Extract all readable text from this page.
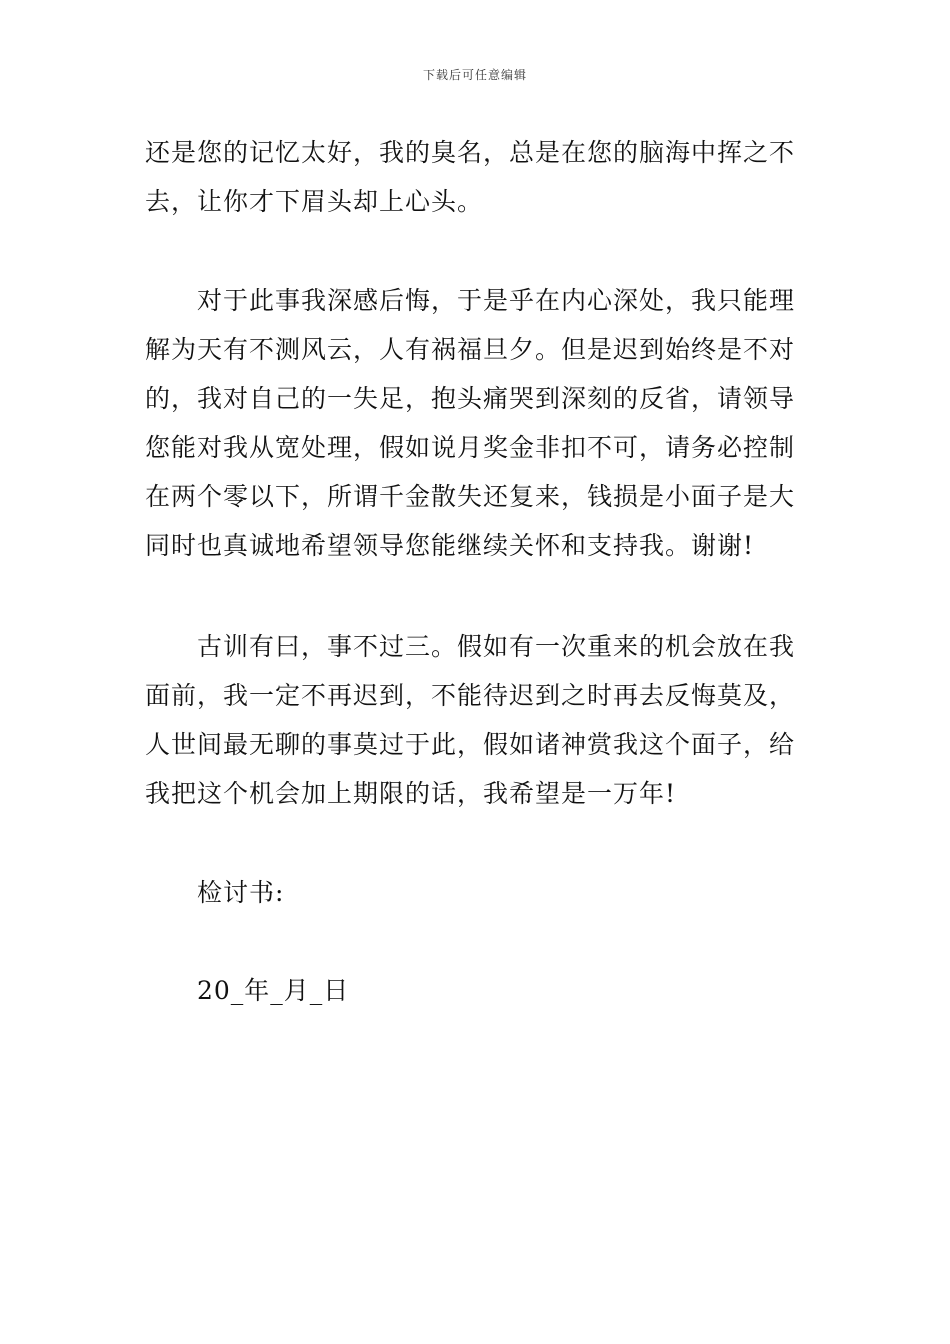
下载后可任意编辑

还是您的记忆太好，我的臭名，总是在您的脑海中挥之不
去，让你才下眉头却上心头。

对于此事我深感后悔，于是乎在内心深处，我只能理
解为天有不测风云，人有祸福旦夕。但是迟到始终是不对
的，我对自己的一失足，抱头痛哭到深刻的反省，请领导
您能对我从宽处理，假如说月奖金非扣不可，请务必控制
在两个零以下，所谓千金散失还复来，钱损是小面子是大
同时也真诚地希望领导您能继续关怀和支持我。谢谢!

古训有曰，事不过三。假如有一次重来的机会放在我
面前，我一定不再迟到，不能待迟到之时再去反悔莫及，
人世间最无聊的事莫过于此，假如诸神赏我这个面子，给
我把这个机会加上期限的话，我希望是一万年!

检讨书:

20_年_月_日
